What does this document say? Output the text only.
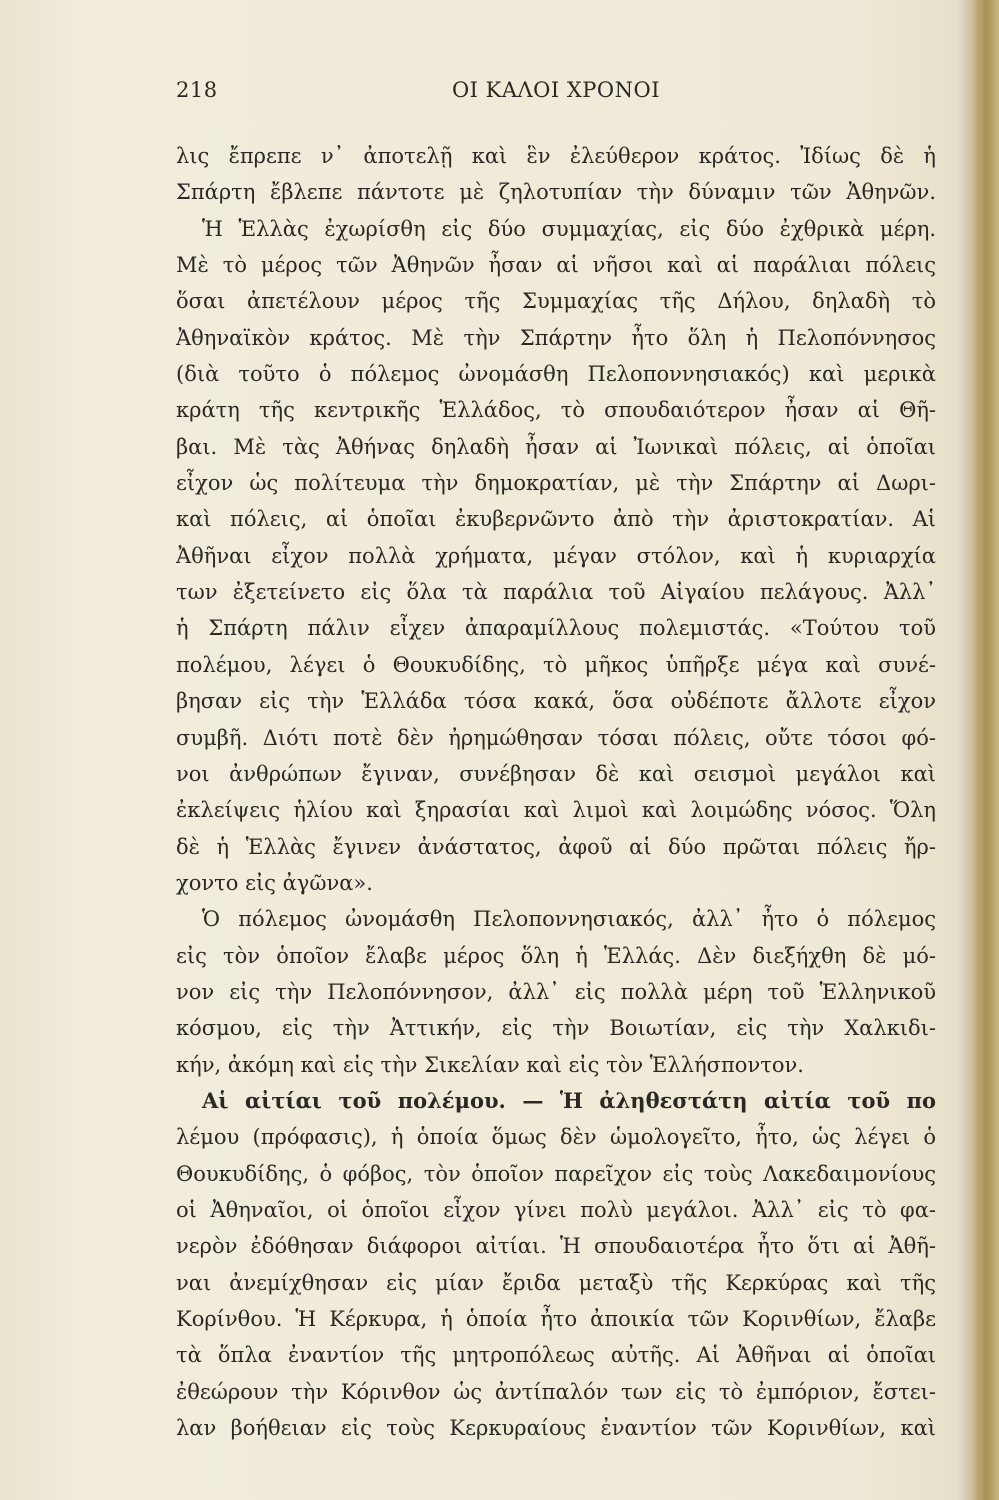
218	ΟΙ ΚΑΛΟΙ ΧΡΟΝΟΙ
λις ἔπρεπε ν᾿ ἀποτελῇ καὶ ἓν ἐλεύθερον κράτος. Ἰδίως δὲ ἡ
Σπάρτη ἔβλεπε πάντοτε μὲ ζηλοτυπίαν τὴν δύναμιν τῶν Ἀθηνῶν.
Ἡ Ἑλλὰς ἐχωρίσθη εἰς δύο συμμαχίας, εἰς δύο ἐχθρικὰ μέρη.
Μὲ τὸ μέρος τῶν Ἀθηνῶν ἦσαν αἱ νῆσοι καὶ αἱ παράλιαι πόλεις
ὅσαι ἀπετέλουν μέρος τῆς Συμμαχίας τῆς Δήλου, δηλαδὴ τὸ
Ἀθηναϊκὸν κράτος. Μὲ τὴν Σπάρτην ἦτο ὅλη ἡ Πελοπόννησος
(διὰ τοῦτο ὁ πόλεμος ὠνομάσθη Πελοποννησιακός) καὶ μερικὰ
κράτη τῆς κεντρικῆς Ἑλλάδος, τὸ σπουδαιότερον ἦσαν αἱ Θῆ-
βαι. Μὲ τὰς Ἀθήνας δηλαδὴ ἦσαν αἱ Ἰωνικαὶ πόλεις, αἱ ὁποῖαι
εἶχον ὡς πολίτευμα τὴν δημοκρατίαν, μὲ τὴν Σπάρτην αἱ Δωρι-
καὶ πόλεις, αἱ ὁποῖαι ἐκυβερνῶντο ἀπὸ τὴν ἀριστοκρατίαν. Αἱ
Ἀθῆναι εἶχον πολλὰ χρήματα, μέγαν στόλον, καὶ ἡ κυριαρχία
των ἐξετείνετο εἰς ὅλα τὰ παράλια τοῦ Αἰγαίου πελάγους. Ἀλλ᾿
ἡ Σπάρτη πάλιν εἶχεν ἀπαραμίλλους πολεμιστάς. «Τούτου τοῦ
πολέμου, λέγει ὁ Θουκυδίδης, τὸ μῆκος ὑπῆρξε μέγα καὶ συνέ-
βησαν εἰς τὴν Ἑλλάδα τόσα κακά, ὅσα οὐδέποτε ἄλλοτε εἶχον
συμβῆ. Διότι ποτὲ δὲν ἠρημώθησαν τόσαι πόλεις, οὔτε τόσοι φό-
νοι ἀνθρώπων ἔγιναν, συνέβησαν δὲ καὶ σεισμοὶ μεγάλοι καὶ
ἐκλείψεις ἡλίου καὶ ξηρασίαι καὶ λιμοὶ καὶ λοιμώδης νόσος. Ὅλη
δὲ ἡ Ἑλλὰς ἔγινεν ἀνάστατος, ἀφοῦ αἱ δύο πρῶται πόλεις ἤρ-
χοντο εἰς ἀγῶνα».
Ὁ πόλεμος ὠνομάσθη Πελοποννησιακός, ἀλλ᾿ ἦτο ὁ πόλεμος
εἰς τὸν ὁποῖον ἔλαβε μέρος ὅλη ἡ Ἑλλάς. Δὲν διεξήχθη δὲ μό-
νον εἰς τὴν Πελοπόννησον, ἀλλ᾿ εἰς πολλὰ μέρη τοῦ Ἑλληνικοῦ
κόσμου, εἰς τὴν Ἀττικήν, εἰς τὴν Βοιωτίαν, εἰς τὴν Χαλκιδι-
κήν, ἀκόμη καὶ εἰς τὴν Σικελίαν καὶ εἰς τὸν Ἑλλήσποντον.
Αἱ αἰτίαι τοῦ πολέμου. — Ἡ ἀληθεστάτη αἰτία τοῦ πο
λέμου (πρόφασις), ἡ ὁποία ὅμως δὲν ὡμολογεῖτο, ἦτο, ὡς λέγει ὁ
Θουκυδίδης, ὁ φόβος, τὸν ὁποῖον παρεῖχον εἰς τοὺς Λακεδαιμονίους
οἱ Ἀθηναῖοι, οἱ ὁποῖοι εἶχον γίνει πολὺ μεγάλοι. Ἀλλ᾿ εἰς τὸ φα-
νερὸν ἐδόθησαν διάφοροι αἰτίαι. Ἡ σπουδαιοτέρα ἦτο ὅτι αἱ Ἀθῆ-
ναι ἀνεμίχθησαν εἰς μίαν ἔριδα μεταξὺ τῆς Κερκύρας καὶ τῆς
Κορίνθου. Ἡ Κέρκυρα, ἡ ὁποία ἦτο ἀποικία τῶν Κορινθίων, ἔλαβε
τὰ ὅπλα ἐναντίον τῆς μητροπόλεως αὐτῆς. Αἱ Ἀθῆναι αἱ ὁποῖαι
ἐθεώρουν τὴν Κόρινθον ὡς ἀντίπαλόν των εἰς τὸ ἐμπόριον, ἔστει-
λαν βοήθειαν εἰς τοὺς Κερκυραίους ἐναντίον τῶν Κορινθίων, καὶ
